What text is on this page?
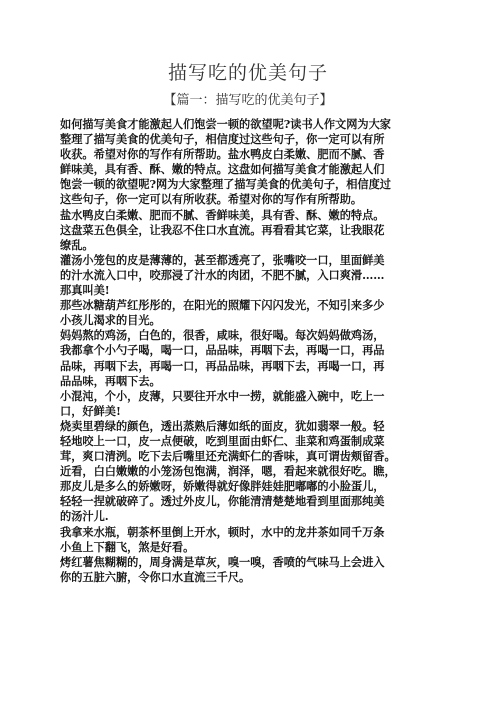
描写吃的优美句子
【篇一：描写吃的优美句子】
如何描写美食才能激起人们饱尝一顿的欲望呢?读书人作文网为大家
整理了描写美食的优美句子，相信度过这些句子，你一定可以有所
收获。希望对你的写作有所帮助。盐水鸭皮白柔嫩、肥而不腻、香
鲜味美，具有香、酥、嫩的特点。这盘如何描写美食才能激起人们
饱尝一顿的欲望呢?网为大家整理了描写美食的优美句子，相信度过
这些句子，你一定可以有所收获。希望对你的写作有所帮助。
盐水鸭皮白柔嫩、肥而不腻、香鲜味美，具有香、酥、嫩的特点。
这盘菜五色俱全，让我忍不住口水直流。再看看其它菜，让我眼花
缭乱。
灌汤小笼包的皮是薄薄的，甚至都透亮了，张嘴咬一口，里面鲜美
的汁水流入口中，咬那浸了汁水的肉团，不肥不腻，入口爽滑……
那真叫美!
那些冰糖葫芦红彤彤的，在阳光的照耀下闪闪发光，不知引来多少
小孩儿渴求的目光。
妈妈熬的鸡汤，白色的，很香，咸味，很好喝。每次妈妈做鸡汤，
我都拿个小勺子喝，喝一口，品品味，再咽下去，再喝一口，再品
品味，再咽下去，再喝一口，再品品味，再咽下去，再喝一口，再
品品味，再咽下去。
小混沌，个小，皮薄，只要往开水中一捞，就能盛入碗中，吃上一
口，好鲜美!
烧卖里碧绿的颜色，透出蒸熟后薄如纸的面皮，犹如翡翠一般。轻
轻地咬上一口，皮一点便破，吃到里面由虾仁、韭菜和鸡蛋制成菜
茸，爽口清洌。吃下去后嘴里还充满虾仁的香味，真可谓齿颊留香。
近看，白白嫩嫩的小笼汤包饱满，润泽，嗯，看起来就很好吃。瞧，
那皮儿是多么的娇嫩呀，娇嫩得就好像胖娃娃肥嘟嘟的小脸蛋儿，
轻轻一捏就破碎了。透过外皮儿，你能清清楚楚地看到里面那纯美
的汤汁儿.
我拿来水瓶，朝茶杯里倒上开水，顿时，水中的龙井茶如同千万条
小鱼上下翻飞，煞是好看。
烤红薯焦糊糊的，周身满是草灰，嗅一嗅，香喷的气味马上会进入
你的五脏六腑，令你口水直流三千尺。
